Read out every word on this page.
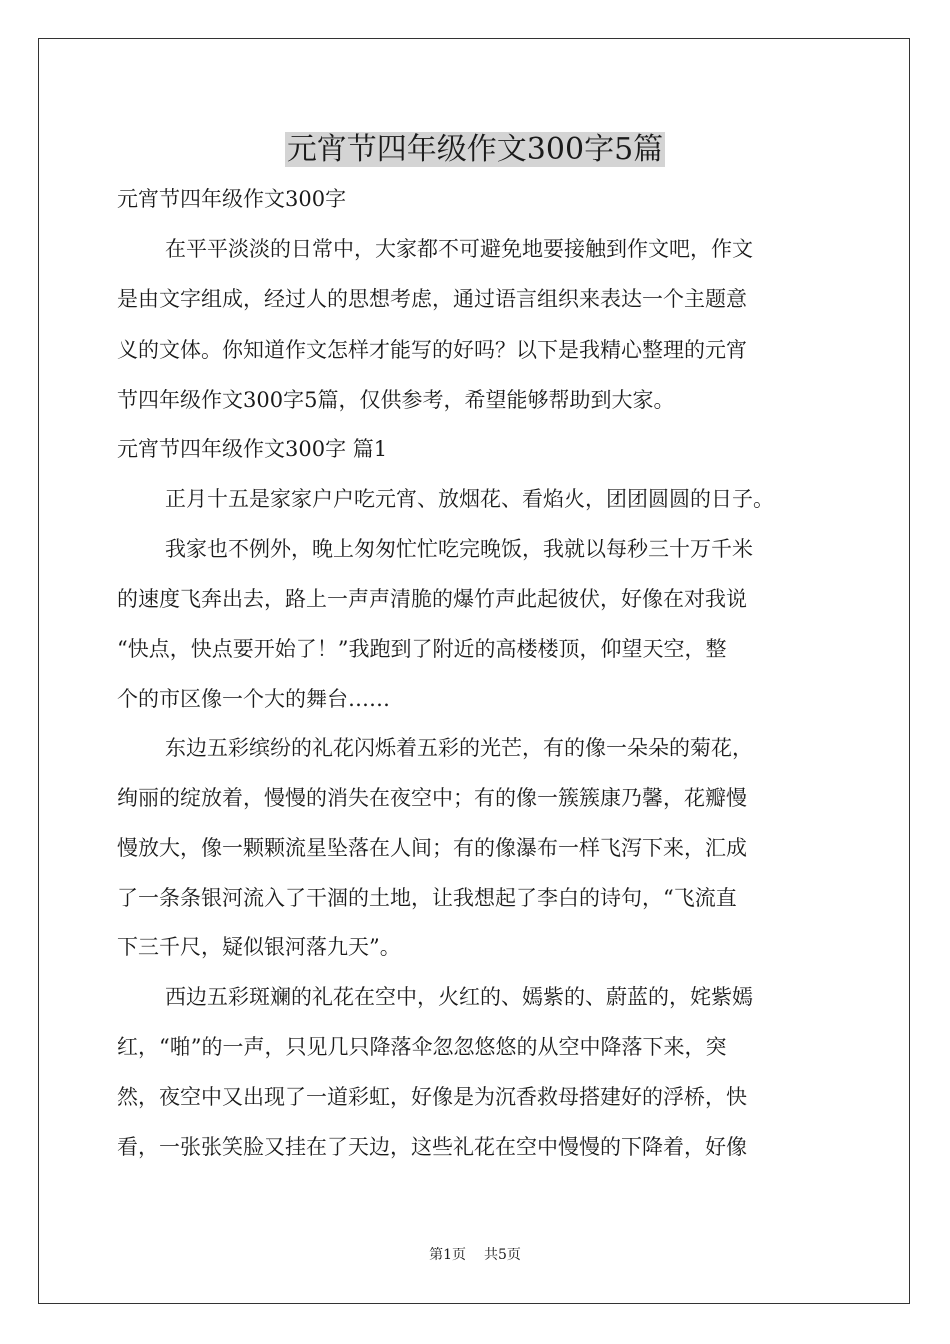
元宵节四年级作文300字5篇
元宵节四年级作文300字
在平平淡淡的日常中，大家都不可避免地要接触到作文吧，作文
是由文字组成，经过人的思想考虑，通过语言组织来表达一个主题意
义的文体。你知道作文怎样才能写的好吗？以下是我精心整理的元宵
节四年级作文300字5篇，仅供参考，希望能够帮助到大家。
元宵节四年级作文300字 篇1
正月十五是家家户户吃元宵、放烟花、看焰火，团团圆圆的日子。
我家也不例外，晚上匆匆忙忙吃完晚饭，我就以每秒三十万千米
的速度飞奔出去，路上一声声清脆的爆竹声此起彼伏，好像在对我说
“快点，快点要开始了！”我跑到了附近的高楼楼顶，仰望天空，整
个的市区像一个大的舞台……
东边五彩缤纷的礼花闪烁着五彩的光芒，有的像一朵朵的菊花，
绚丽的绽放着，慢慢的消失在夜空中；有的像一簇簇康乃馨，花瓣慢
慢放大，像一颗颗流星坠落在人间；有的像瀑布一样飞泻下来，汇成
了一条条银河流入了干涸的土地，让我想起了李白的诗句，“飞流直
下三千尺，疑似银河落九天”。
西边五彩斑斓的礼花在空中，火红的、嫣紫的、蔚蓝的，姹紫嫣
红，“啪”的一声，只见几只降落伞忽忽悠悠的从空中降落下来，突
然，夜空中又出现了一道彩虹，好像是为沉香救母搭建好的浮桥，快
看，一张张笑脸又挂在了天边，这些礼花在空中慢慢的下降着，好像
第1页 共5页
